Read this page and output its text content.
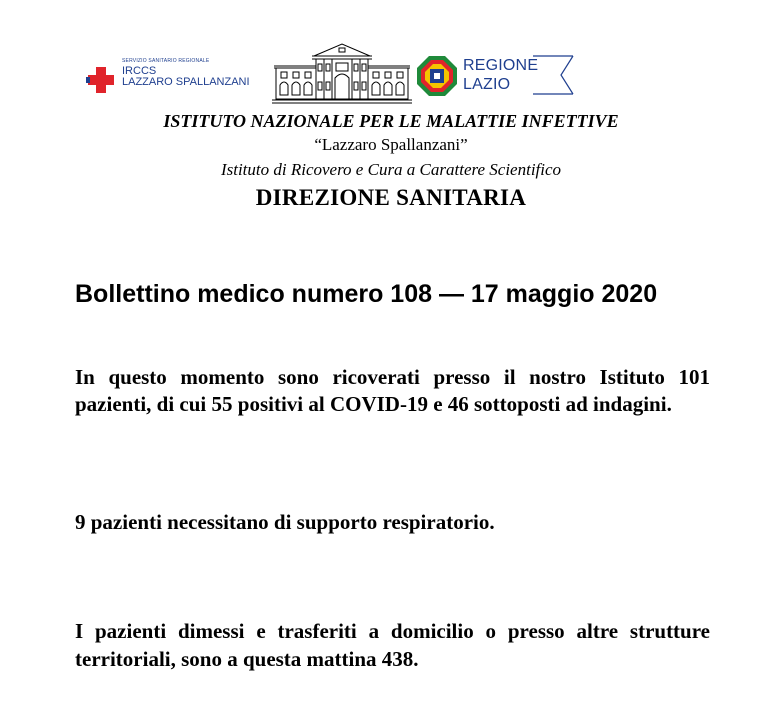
SERVIZIO SANITARIO REGIONALE
IRCCS
LAZZARO SPALLANZANI
REGIONE
LAZIO
ISTITUTO NAZIONALE PER LE MALATTIE INFETTIVE
“Lazzaro Spallanzani”
Istituto di Ricovero e Cura a Carattere Scientifico
DIREZIONE SANITARIA
Bollettino medico numero 108 — 17 maggio 2020
In questo momento sono ricoverati presso il nostro Istituto 101 pazienti, di cui 55 positivi al COVID-19 e 46 sottoposti ad indagini.
9 pazienti necessitano di supporto respiratorio.
I pazienti dimessi e trasferiti a domicilio o presso altre strutture territoriali, sono a questa mattina 438.
